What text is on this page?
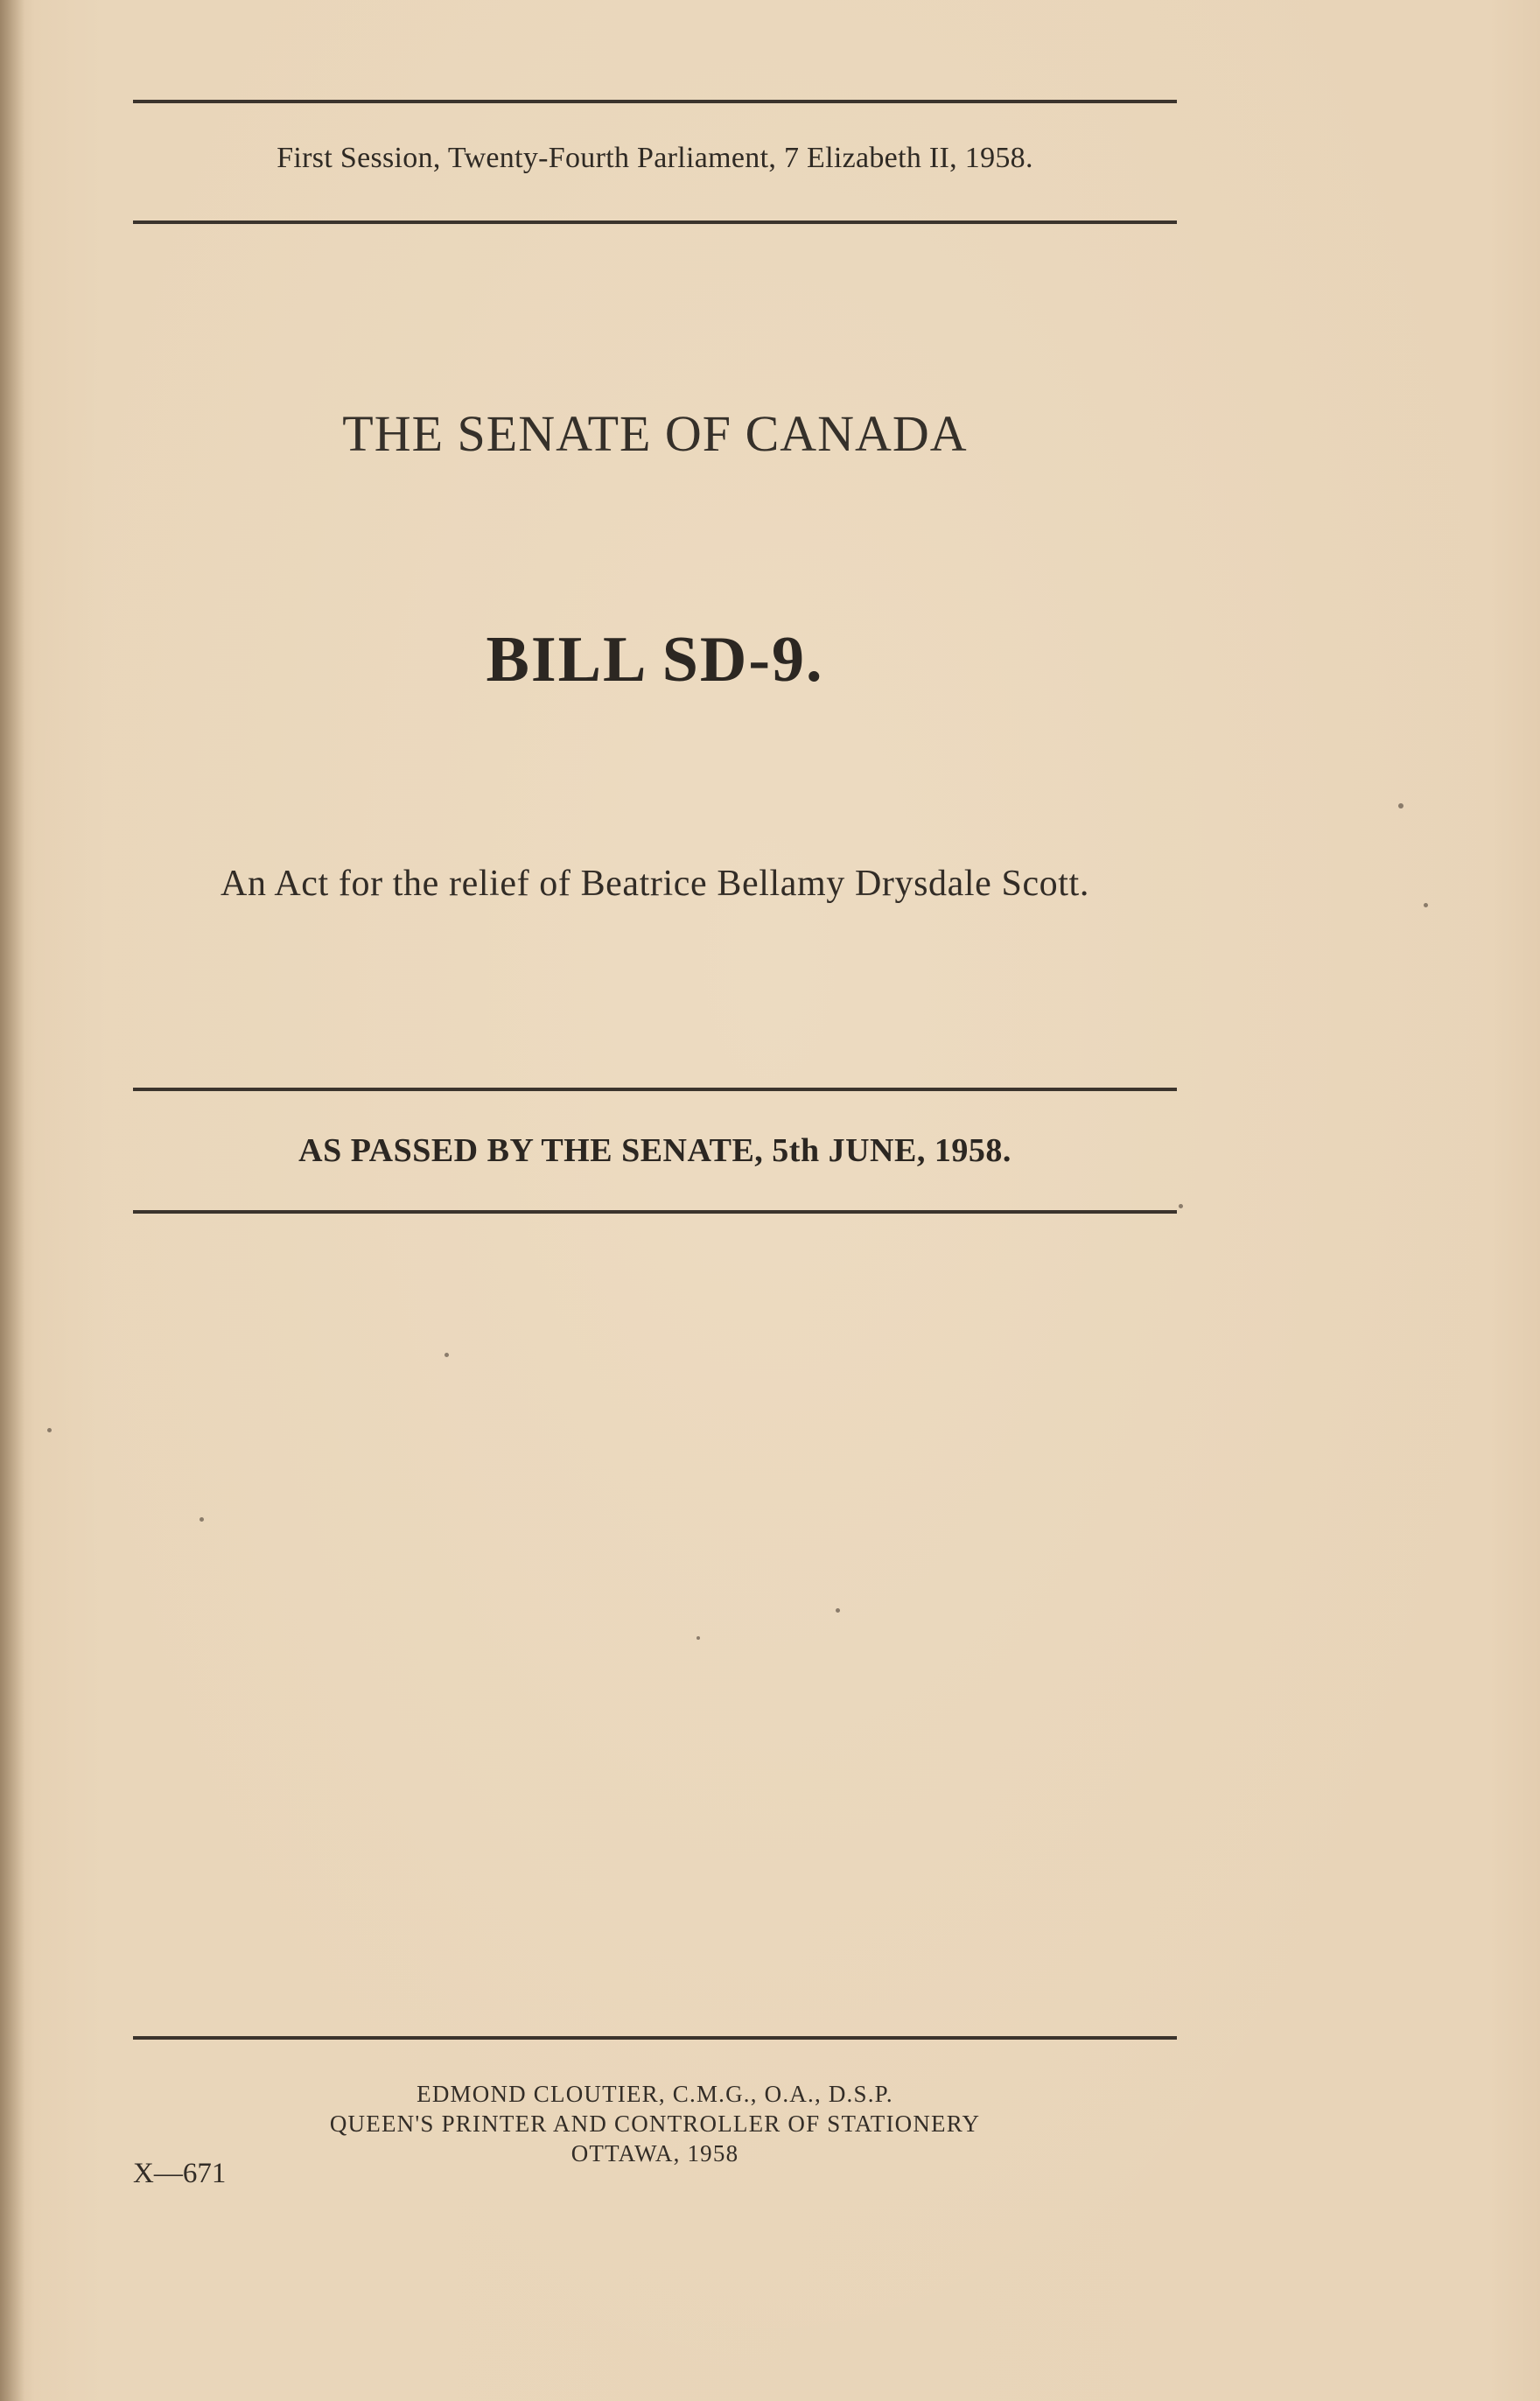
First Session, Twenty-Fourth Parliament, 7 Elizabeth II, 1958.
THE SENATE OF CANADA
BILL SD-9.
An Act for the relief of Beatrice Bellamy Drysdale Scott.
AS PASSED BY THE SENATE, 5th JUNE, 1958.
EDMOND CLOUTIER, C.M.G., O.A., D.S.P.
QUEEN'S PRINTER AND CONTROLLER OF STATIONERY
OTTAWA, 1958
X—671
